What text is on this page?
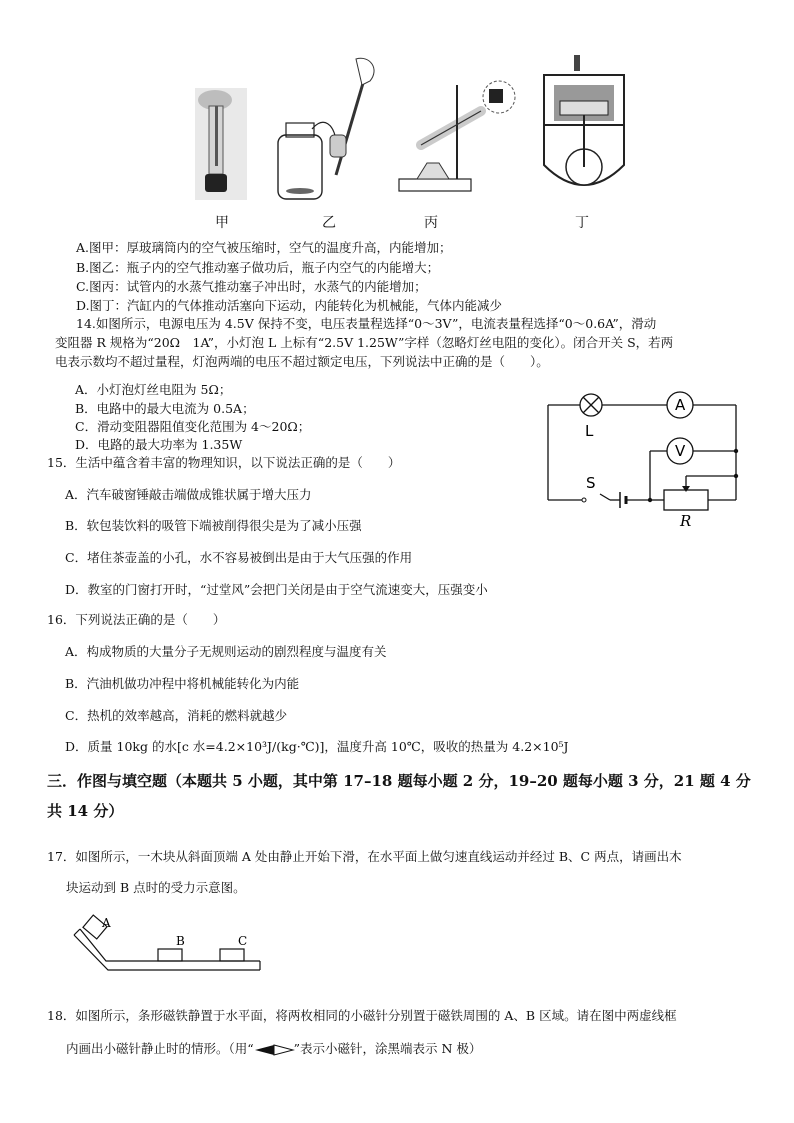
甲	乙	丙	丁
A.图甲：厚玻璃筒内的空气被压缩时，空气的温度升高，内能增加；
B.图乙：瓶子内的空气推动塞子做功后，瓶子内空气的内能增大；
C.图丙：试管内的水蒸气推动塞子冲出时，水蒸气的内能增加；
D.图丁：汽缸内的气体推动活塞向下运动，内能转化为机械能，气体内能减少
14.如图所示，电源电压为 4.5V 保持不变，电压表量程选择“0～3V”，电流表量程选择“0～0.6A”，滑动
变阻器 R 规格为“20Ω　1A”，小灯泡 L 上标有“2.5V 1.25W”字样（忽略灯丝电阻的变化）。闭合开关 S，若两
电表示数均不超过量程，灯泡两端的电压不超过额定电压，下列说法中正确的是（　　）。
A．小灯泡灯丝电阻为 5Ω；
B．电路中的最大电流为 0.5A；
C．滑动变阻器阻值变化范围为 4～20Ω；
D．电路的最大功率为 1.35W
A
V
L
S
R
15．生活中蕴含着丰富的物理知识，以下说法正确的是（　　）
A．汽车破窗锤敲击端做成锥状属于增大压力
B．软包装饮料的吸管下端被削得很尖是为了减小压强
C．堵住茶壶盖的小孔，水不容易被倒出是由于大气压强的作用
D．教室的门窗打开时，“过堂风”会把门关闭是由于空气流速变大，压强变小
16．下列说法正确的是（　　）
A．构成物质的大量分子无规则运动的剧烈程度与温度有关
B．汽油机做功冲程中将机械能转化为内能
C．热机的效率越高，消耗的燃料就越少
D．质量 10kg 的水[c 水=4.2×10³J/(kg·℃)]，温度升高 10℃，吸收的热量为 4.2×10⁵J
三．作图与填空题（本题共 5 小题，其中第 17–18 题每小题 2 分，19–20 题每小题 3 分，21 题 4 分
共 14 分）
17．如图所示，一木块从斜面顶端 A 处由静止开始下滑，在水平面上做匀速直线运动并经过 B、C 两点，请画出木
块运动到 B 点时的受力示意图。
A
B	C
18．如图所示，条形磁铁静置于水平面，将两枚相同的小磁针分别置于磁铁周围的 A、B 区域。请在图中两虚线框
内画出小磁针静止时的情形。（用“	”表示小磁针，涂黑端表示 N 极）
